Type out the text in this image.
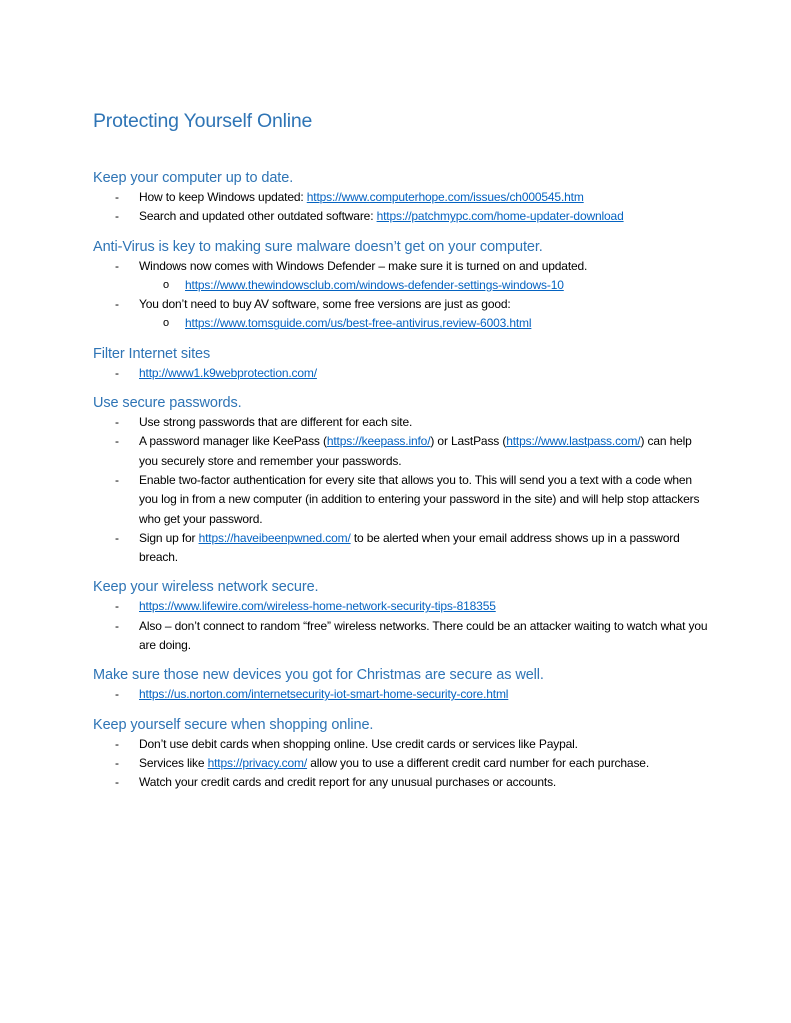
Protecting Yourself Online
Keep your computer up to date.
- How to keep Windows updated: https://www.computerhope.com/issues/ch000545.htm
- Search and updated other outdated software: https://patchmypc.com/home-updater-download
Anti-Virus is key to making sure malware doesn’t get on your computer.
- Windows now comes with Windows Defender – make sure it is turned on and updated.
o https://www.thewindowsclub.com/windows-defender-settings-windows-10
- You don’t need to buy AV software, some free versions are just as good:
o https://www.tomsguide.com/us/best-free-antivirus,review-6003.html
Filter Internet sites
- http://www1.k9webprotection.com/
Use secure passwords.
- Use strong passwords that are different for each site.
- A password manager like KeePass (https://keepass.info/) or LastPass (https://www.lastpass.com/) can help you securely store and remember your passwords.
- Enable two-factor authentication for every site that allows you to. This will send you a text with a code when you log in from a new computer (in addition to entering your password in the site) and will help stop attackers who get your password.
- Sign up for https://haveibeenpwned.com/ to be alerted when your email address shows up in a password breach.
Keep your wireless network secure.
- https://www.lifewire.com/wireless-home-network-security-tips-818355
- Also – don’t connect to random “free” wireless networks. There could be an attacker waiting to watch what you are doing.
Make sure those new devices you got for Christmas are secure as well.
- https://us.norton.com/internetsecurity-iot-smart-home-security-core.html
Keep yourself secure when shopping online.
- Don’t use debit cards when shopping online. Use credit cards or services like Paypal.
- Services like https://privacy.com/ allow you to use a different credit card number for each purchase.
- Watch your credit cards and credit report for any unusual purchases or accounts.
